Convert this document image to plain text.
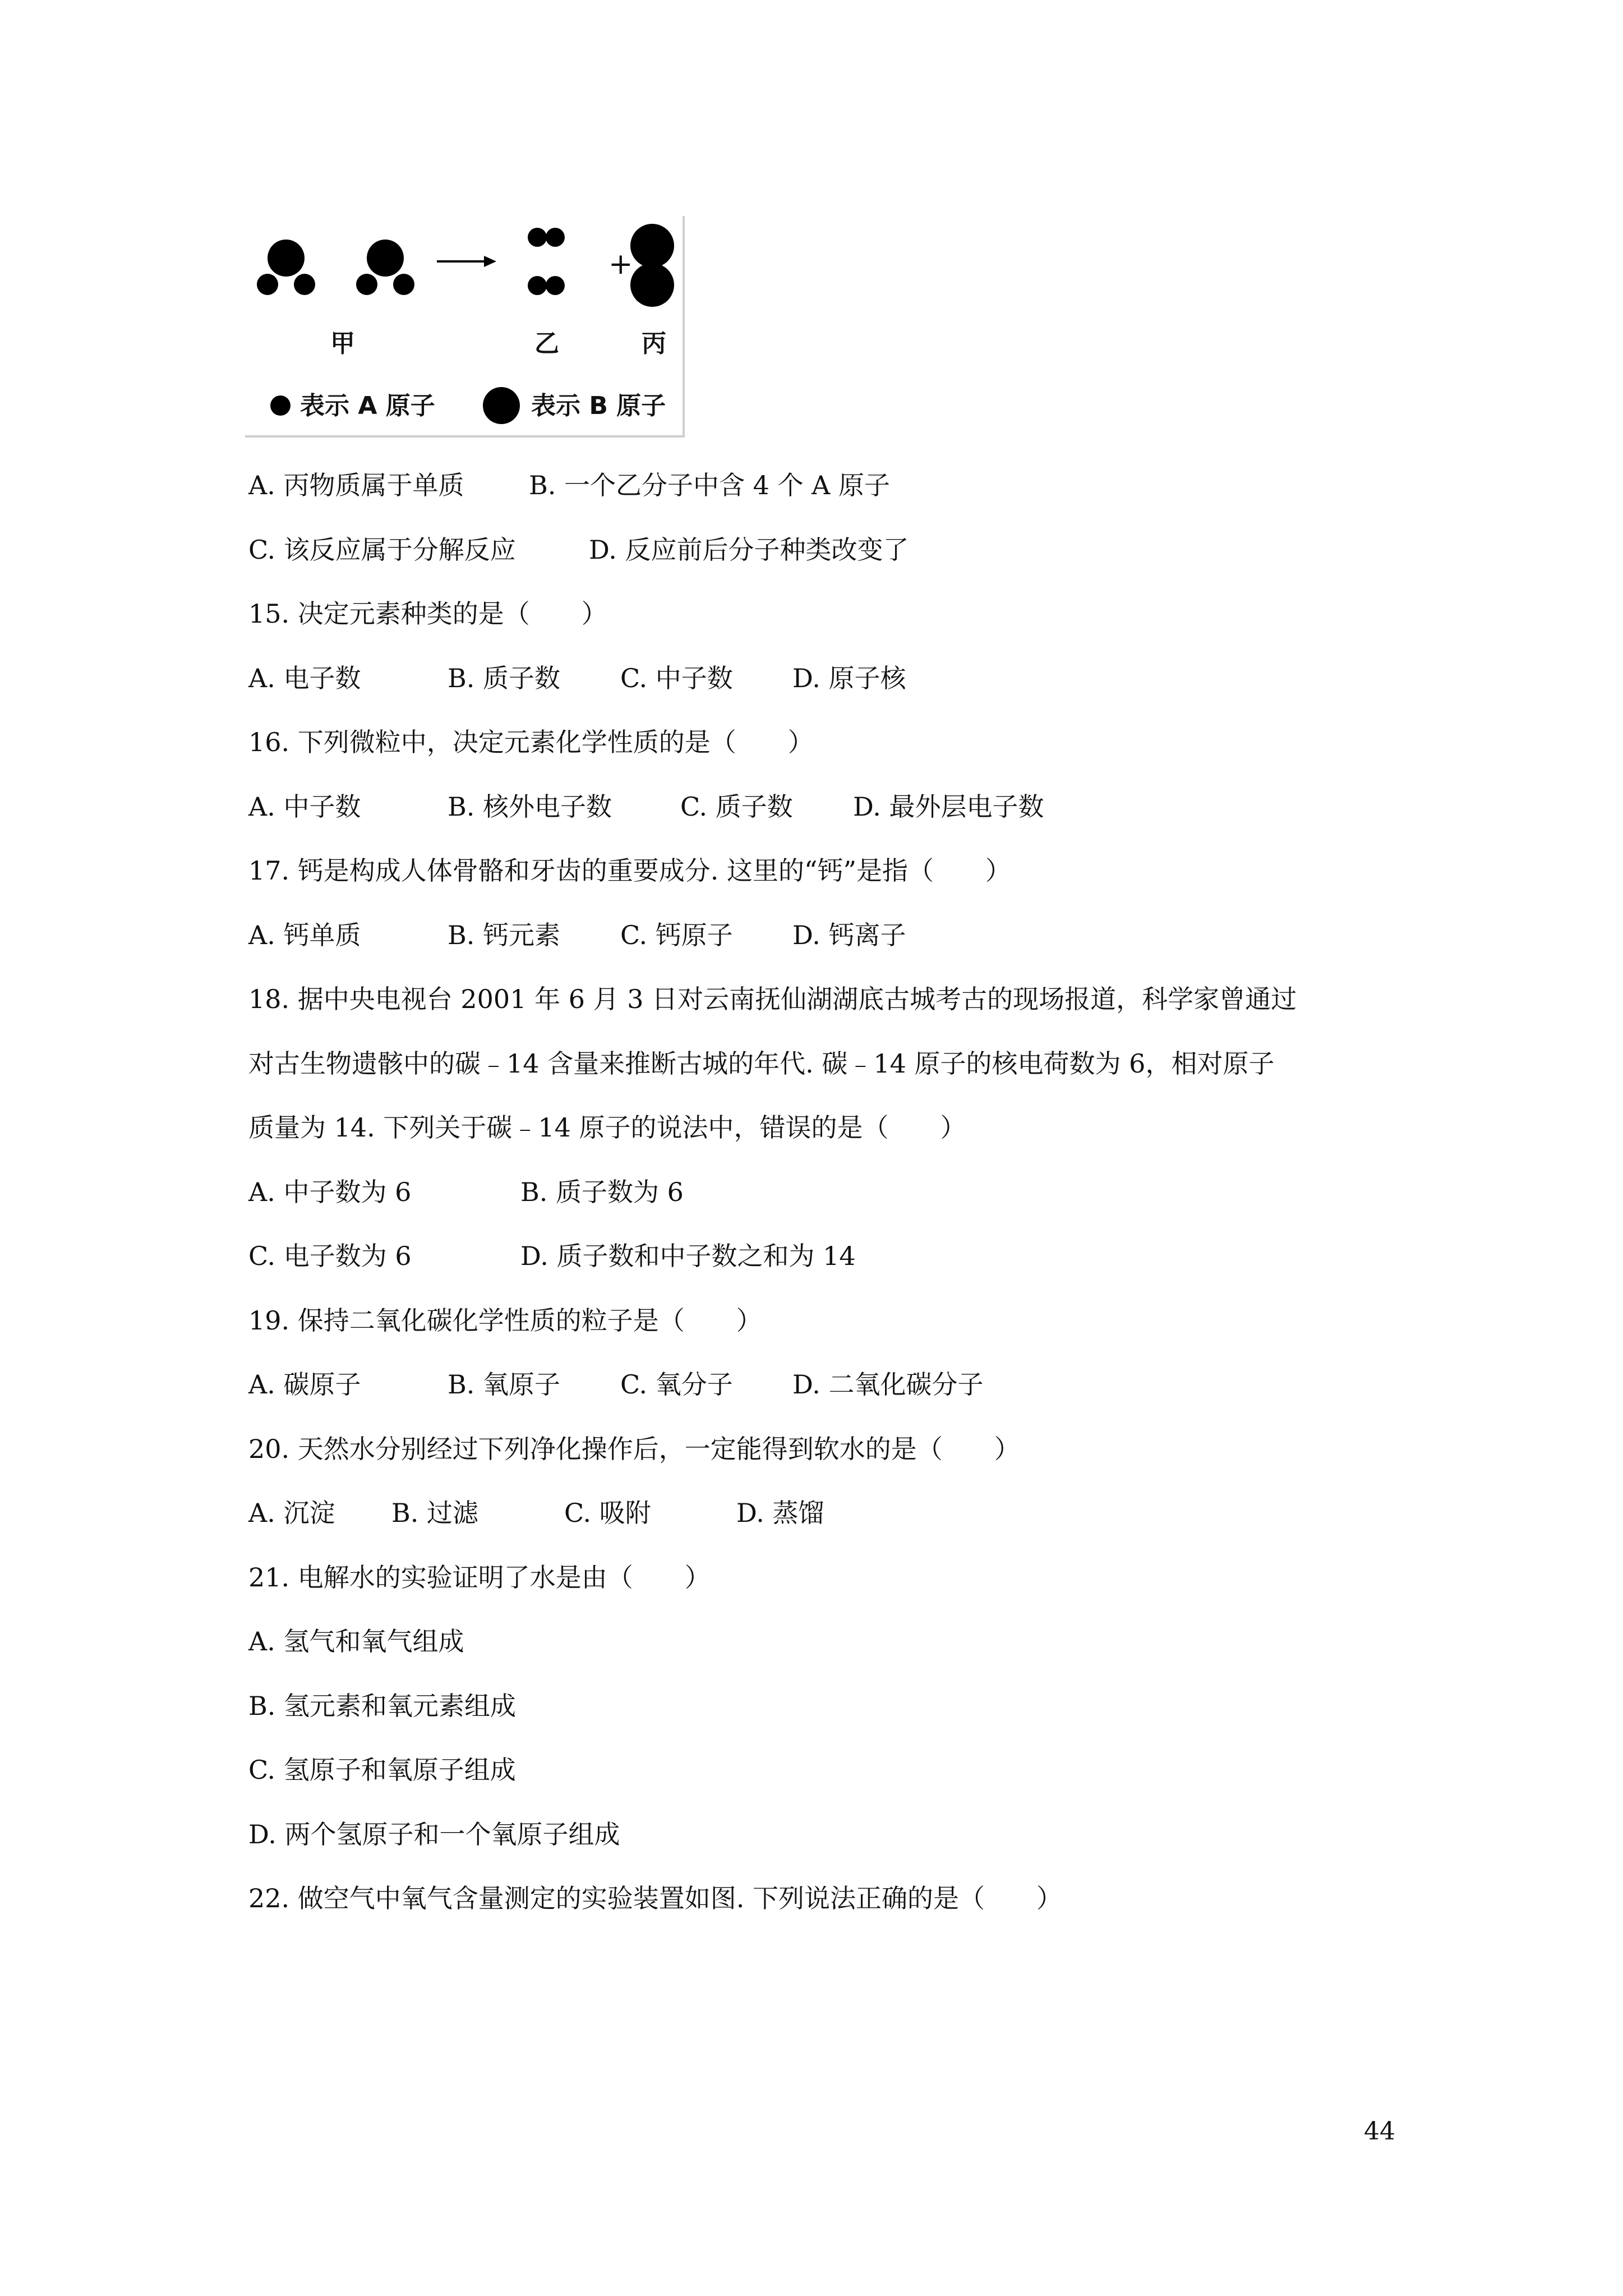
+
甲	乙	丙
表示 A 原子	表示 B 原子
A. 丙物质属于单质	B. 一个乙分子中含 4 个 A 原子
C. 该反应属于分解反应	D. 反应前后分子种类改变了
15. 决定元素种类的是（　　）
A. 电子数	B. 质子数 C. 中子数 D. 原子核
16. 下列微粒中，决定元素化学性质的是（　　）
A. 中子数	B. 核外电子数	C. 质子数 D. 最外层电子数
17. 钙是构成人体骨骼和牙齿的重要成分. 这里的“钙”是指（　　）
A. 钙单质	B. 钙元素 C. 钙原子 D. 钙离子
18. 据中央电视台 2001 年 6 月 3 日对云南抚仙湖湖底古城考古的现场报道，科学家曾通过
对古生物遗骸中的碳﹣14 含量来推断古城的年代. 碳﹣14 原子的核电荷数为 6，相对原子
质量为 14. 下列关于碳﹣14 原子的说法中，错误的是（　　）
A. 中子数为 6	B. 质子数为 6
C. 电子数为 6	D. 质子数和中子数之和为 14
19. 保持二氧化碳化学性质的粒子是（　　）
A. 碳原子	B. 氧原子 C. 氧分子 D. 二氧化碳分子
20. 天然水分别经过下列净化操作后，一定能得到软水的是（　　）
A. 沉淀 B. 过滤	C. 吸附	D. 蒸馏
21. 电解水的实验证明了水是由（　　）
A. 氢气和氧气组成
B. 氢元素和氧元素组成
C. 氢原子和氧原子组成
D. 两个氢原子和一个氧原子组成
22. 做空气中氧气含量测定的实验装置如图. 下列说法正确的是（　　）
44
